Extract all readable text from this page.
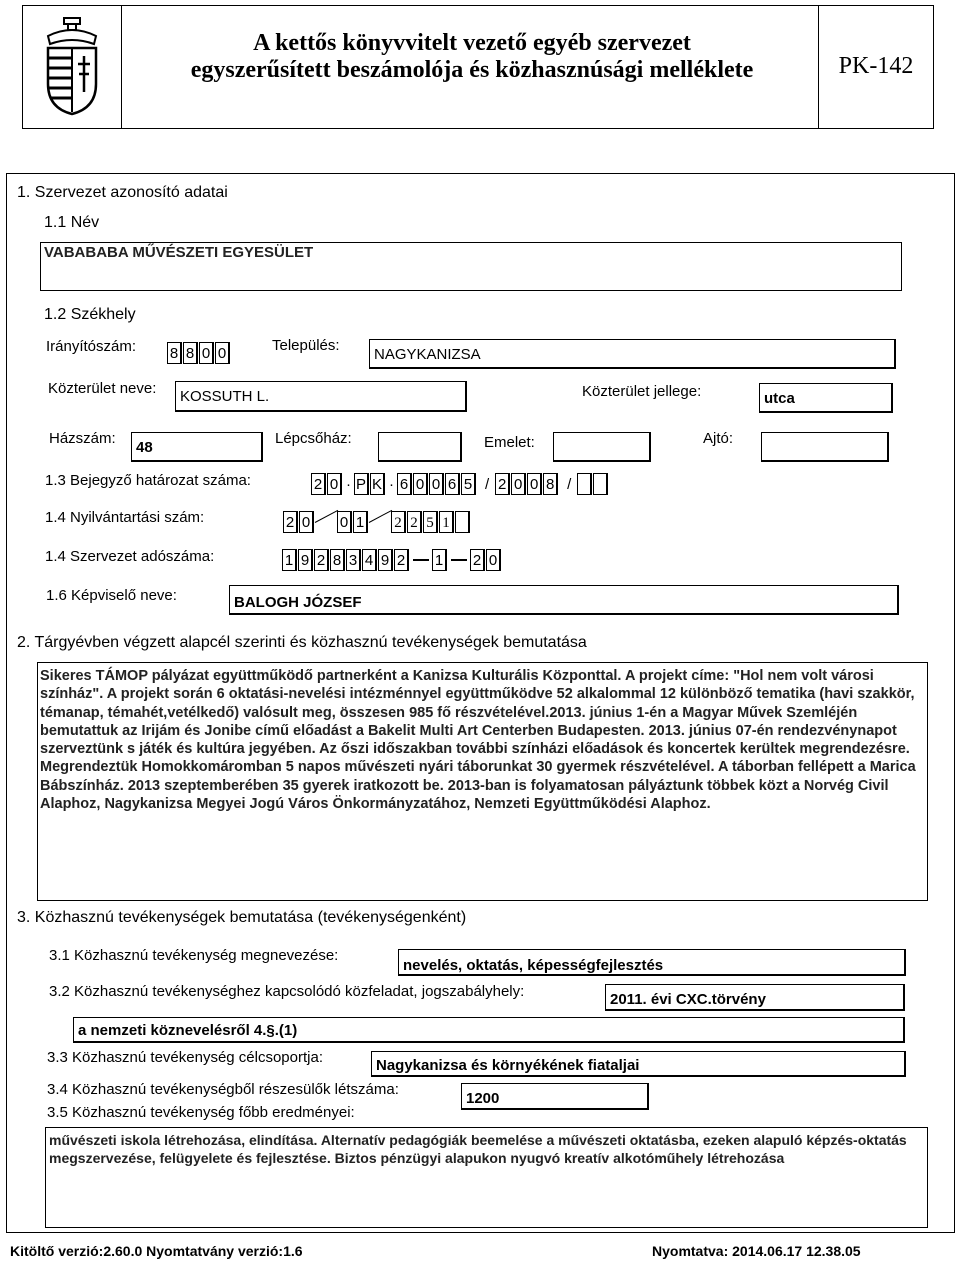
A kettős könyvvitelt vezető egyéb szervezet
egyszerűsített beszámolója és közhasznúsági melléklete	PK-142
1. Szervezet azonosító adatai
1.1 Név
VABABABA MŰVÉSZETI EGYESÜLET
1.2 Székhely
Irányítószám: 8 8 0 0	Település:
NAGYKANIZSA
Közterület neve:	KOSSUTH L.	Közterület jellege:	utca
Házszám:
48
Lépcsőház:	Emelet:	Ajtó:
1.3 Bejegyző határozat száma:	2 0 · P K · 6 0 0 6 5 / 2 0 0 8 /
1.4 Nyilvántartási szám:	2 0 0 1 2 2 5 1
1.4 Szervezet adószáma:	1 9 2 8 3 4 9 2 1 2 0
1.6 Képviselő neve:	BALOGH JÓZSEF
2. Tárgyévben végzett alapcél szerinti és közhasznú tevékenységek bemutatása
Sikeres TÁMOP pályázat együttműködő partnerként a Kanizsa Kulturális Központtal. A projekt címe: "Hol nem volt városi színház". A projekt során 6 oktatási-nevelési intézménnyel együttműködve 52 alkalommal 12 különböző tematika (havi szakkör, témanap, témahét,vetélkedő) valósult meg, összesen 985 fő részvételével.2013. június 1-én a Magyar Művek Szemléjén bemutattuk az Irijám és Jonibe című előadást a Bakelit Multi Art Centerben Budapesten. 2013. június 07-én rendezvénynapot szerveztünk s játék és kultúra jegyében. Az őszi időszakban további színházi előadások és koncertek kerültek megrendezésre. Megrendeztük Homokkomáromban 5 napos művészeti nyári táborunkat 30 gyermek részvételével. A táborban fellépett a Marica Bábszínház. 2013 szeptemberében 35 gyerek iratkozott be. 2013-ban is folyamatosan pályáztunk többek közt a Norvég Civil Alaphoz, Nagykanizsa Megyei Jogú Város Önkormányzatához, Nemzeti Együttműködési Alaphoz.
3. Közhasznú tevékenységek bemutatása (tevékenységenként)
3.1 Közhasznú tevékenység megnevezése:
nevelés, oktatás, képességfejlesztés
3.2 Közhasznú tevékenységhez kapcsolódó közfeladat, jogszabályhely:	2011. évi CXC.törvény
a nemzeti köznevelésről 4.§.(1)
3.3 Közhasznú tevékenység célcsoportja:	Nagykanizsa és környékének fiataljai
3.4 Közhasznú tevékenységből részesülők létszáma:
1200
3.5 Közhasznú tevékenység főbb eredményei:
művészeti iskola létrehozása, elindítása. Alternatív pedagógiák beemelése a művészeti oktatásba, ezeken alapuló képzés-oktatás megszervezése, felügyelete és fejlesztése. Biztos pénzügyi alapukon nyugvó kreatív alkotóműhely létrehozása
Kitöltő verzió:2.60.0 Nyomtatvány verzió:1.6	Nyomtatva: 2014.06.17 12.38.05
